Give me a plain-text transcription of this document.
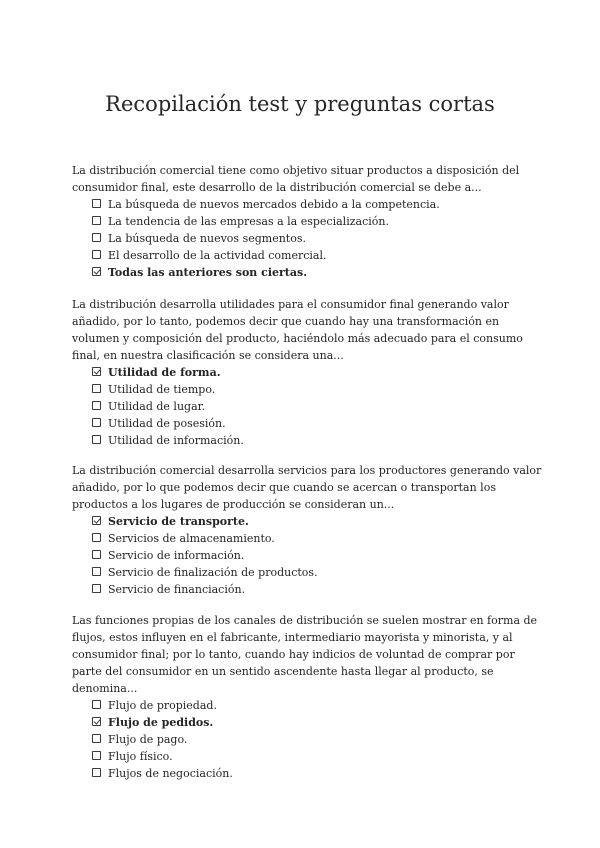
Recopilación test y preguntas cortas

La distribución comercial tiene como objetivo situar productos a disposición del consumidor final, este desarrollo de la distribución comercial se debe a...

La búsqueda de nuevos mercados debido a la competencia.
La tendencia de las empresas a la especialización.
La búsqueda de nuevos segmentos.
El desarrollo de la actividad comercial.
Todas las anteriores son ciertas.

La distribución desarrolla utilidades para el consumidor final generando valor añadido, por lo tanto, podemos decir que cuando hay una transformación en volumen y composición del producto, haciéndolo más adecuado para el consumo final, en nuestra clasificación se considera una...

Utilidad de forma.
Utilidad de tiempo.
Utilidad de lugar.
Utilidad de posesión.
Utilidad de información.

La distribución comercial desarrolla servicios para los productores generando valor añadido, por lo que podemos decir que cuando se acercan o transportan los productos a los lugares de producción se consideran un...

Servicio de transporte.
Servicios de almacenamiento.
Servicio de información.
Servicio de finalización de productos.
Servicio de financiación.

Las funciones propias de los canales de distribución se suelen mostrar en forma de flujos, estos influyen en el fabricante, intermediario mayorista y minorista, y al consumidor final; por lo tanto, cuando hay indicios de voluntad de comprar por parte del consumidor en un sentido ascendente hasta llegar al producto, se denomina...

Flujo de propiedad.
Flujo de pedidos.
Flujo de pago.
Flujo físico.
Flujos de negociación.
